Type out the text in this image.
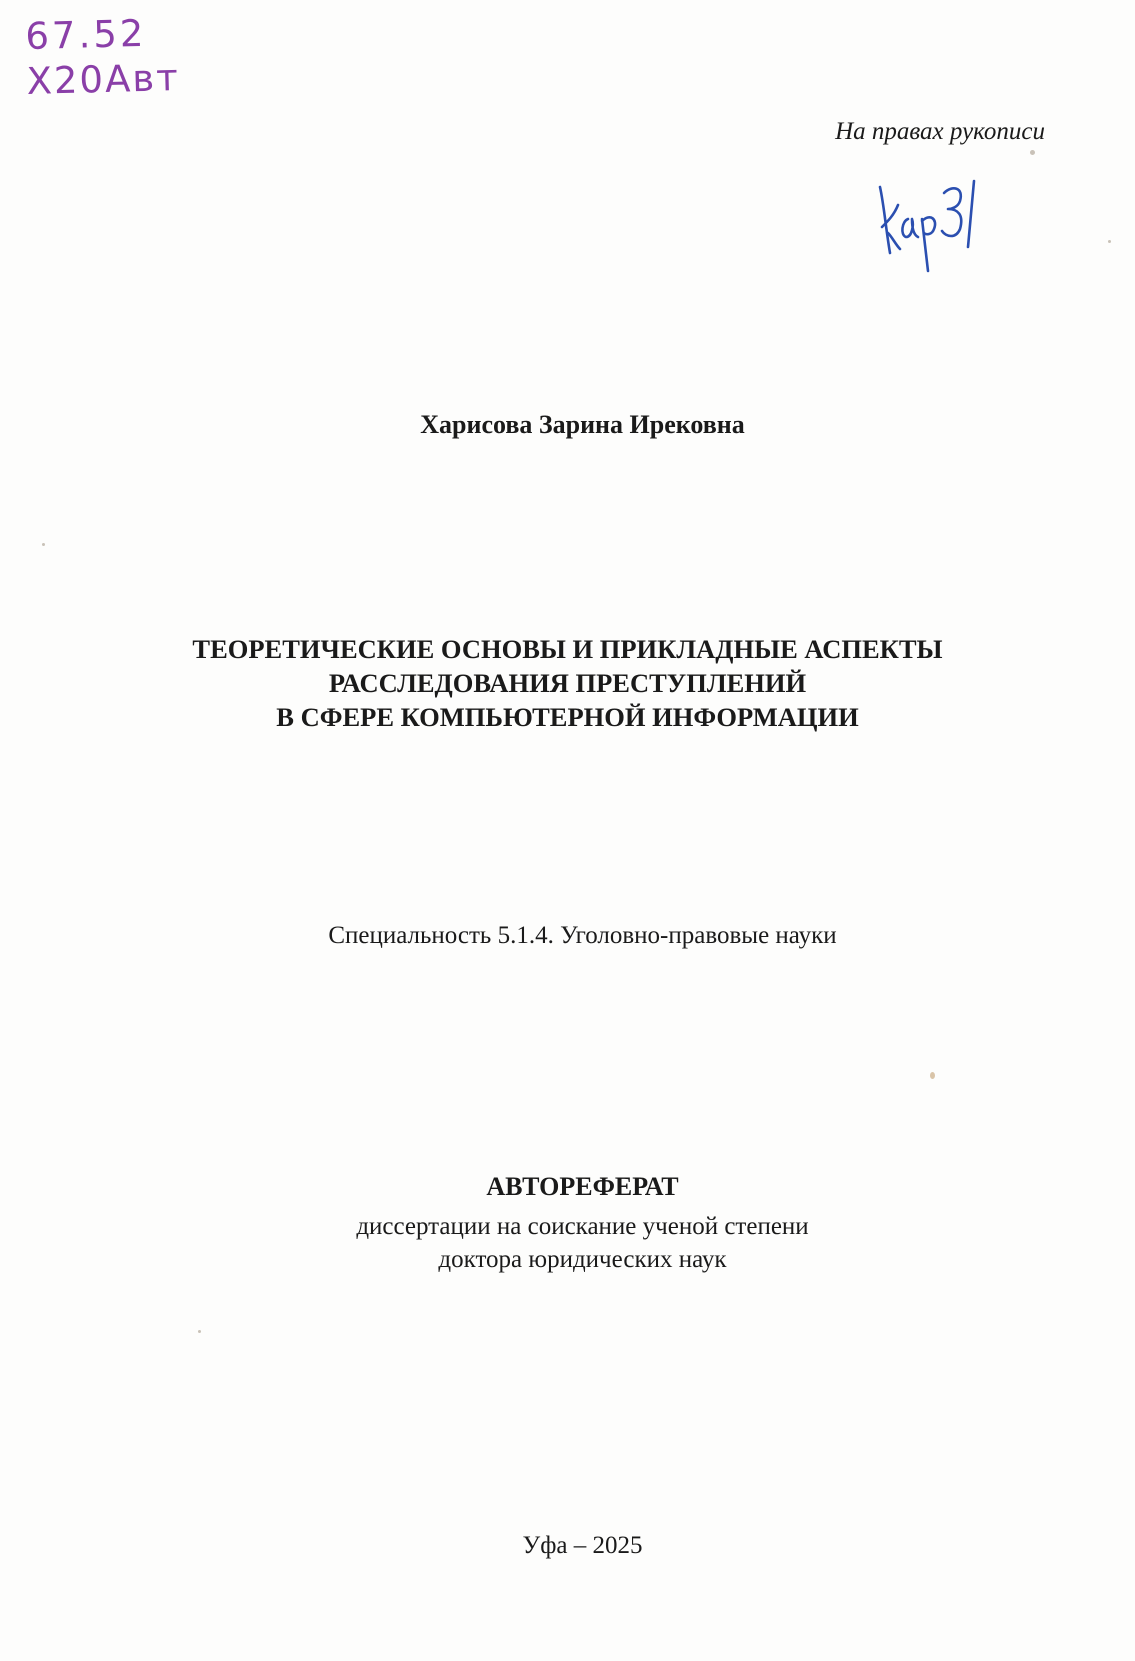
67.52
Х20Авт
На правах рукописи
Харисова Зарина Ирековна
ТЕОРЕТИЧЕСКИЕ ОСНОВЫ И ПРИКЛАДНЫЕ АСПЕКТЫ
РАССЛЕДОВАНИЯ ПРЕСТУПЛЕНИЙ
В СФЕРЕ КОМПЬЮТЕРНОЙ ИНФОРМАЦИИ
Специальность 5.1.4. Уголовно-правовые науки
АВТОРЕФЕРАТ
диссертации на соискание ученой степени
доктора юридических наук
Уфа – 2025
